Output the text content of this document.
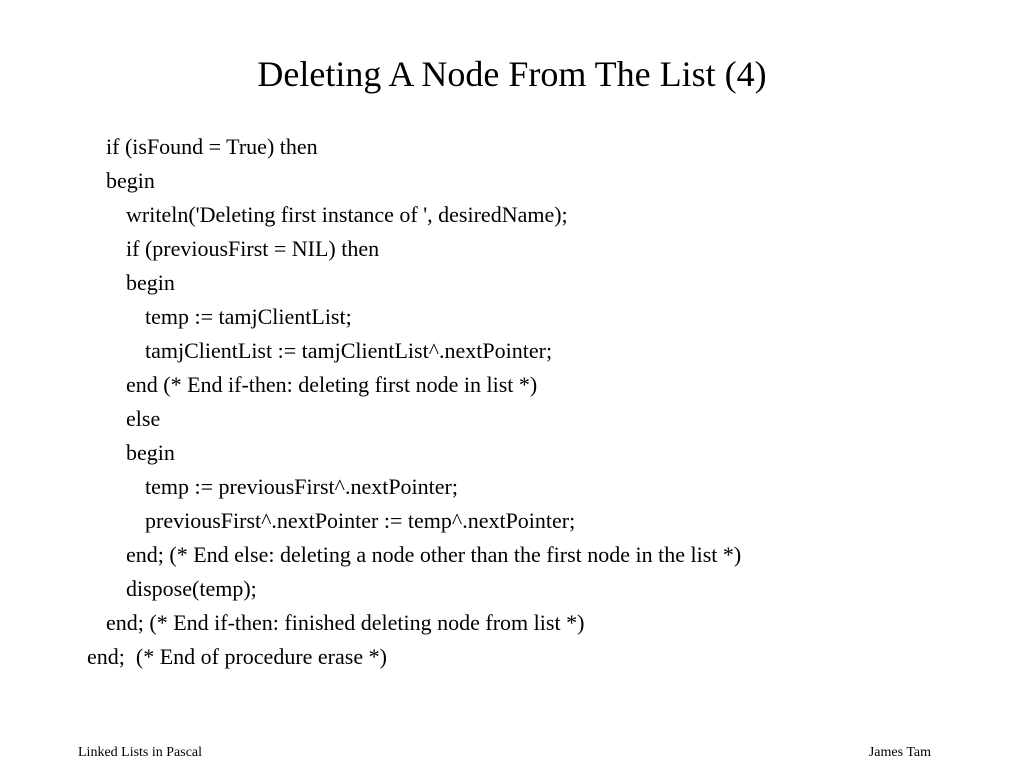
Deleting A Node From The List (4)
if (isFound = True) then
begin
writeln('Deleting first instance of ', desiredName);
if (previousFirst = NIL) then
begin
temp := tamjClientList;
tamjClientList := tamjClientList^.nextPointer;
end (* End if-then: deleting first node in list *)
else
begin
temp := previousFirst^.nextPointer;
previousFirst^.nextPointer := temp^.nextPointer;
end; (* End else: deleting a node other than the first node in the list *)
dispose(temp);
end; (* End if-then: finished deleting node from list *)
end;  (* End of procedure erase *)
Linked Lists in Pascal	James Tam
